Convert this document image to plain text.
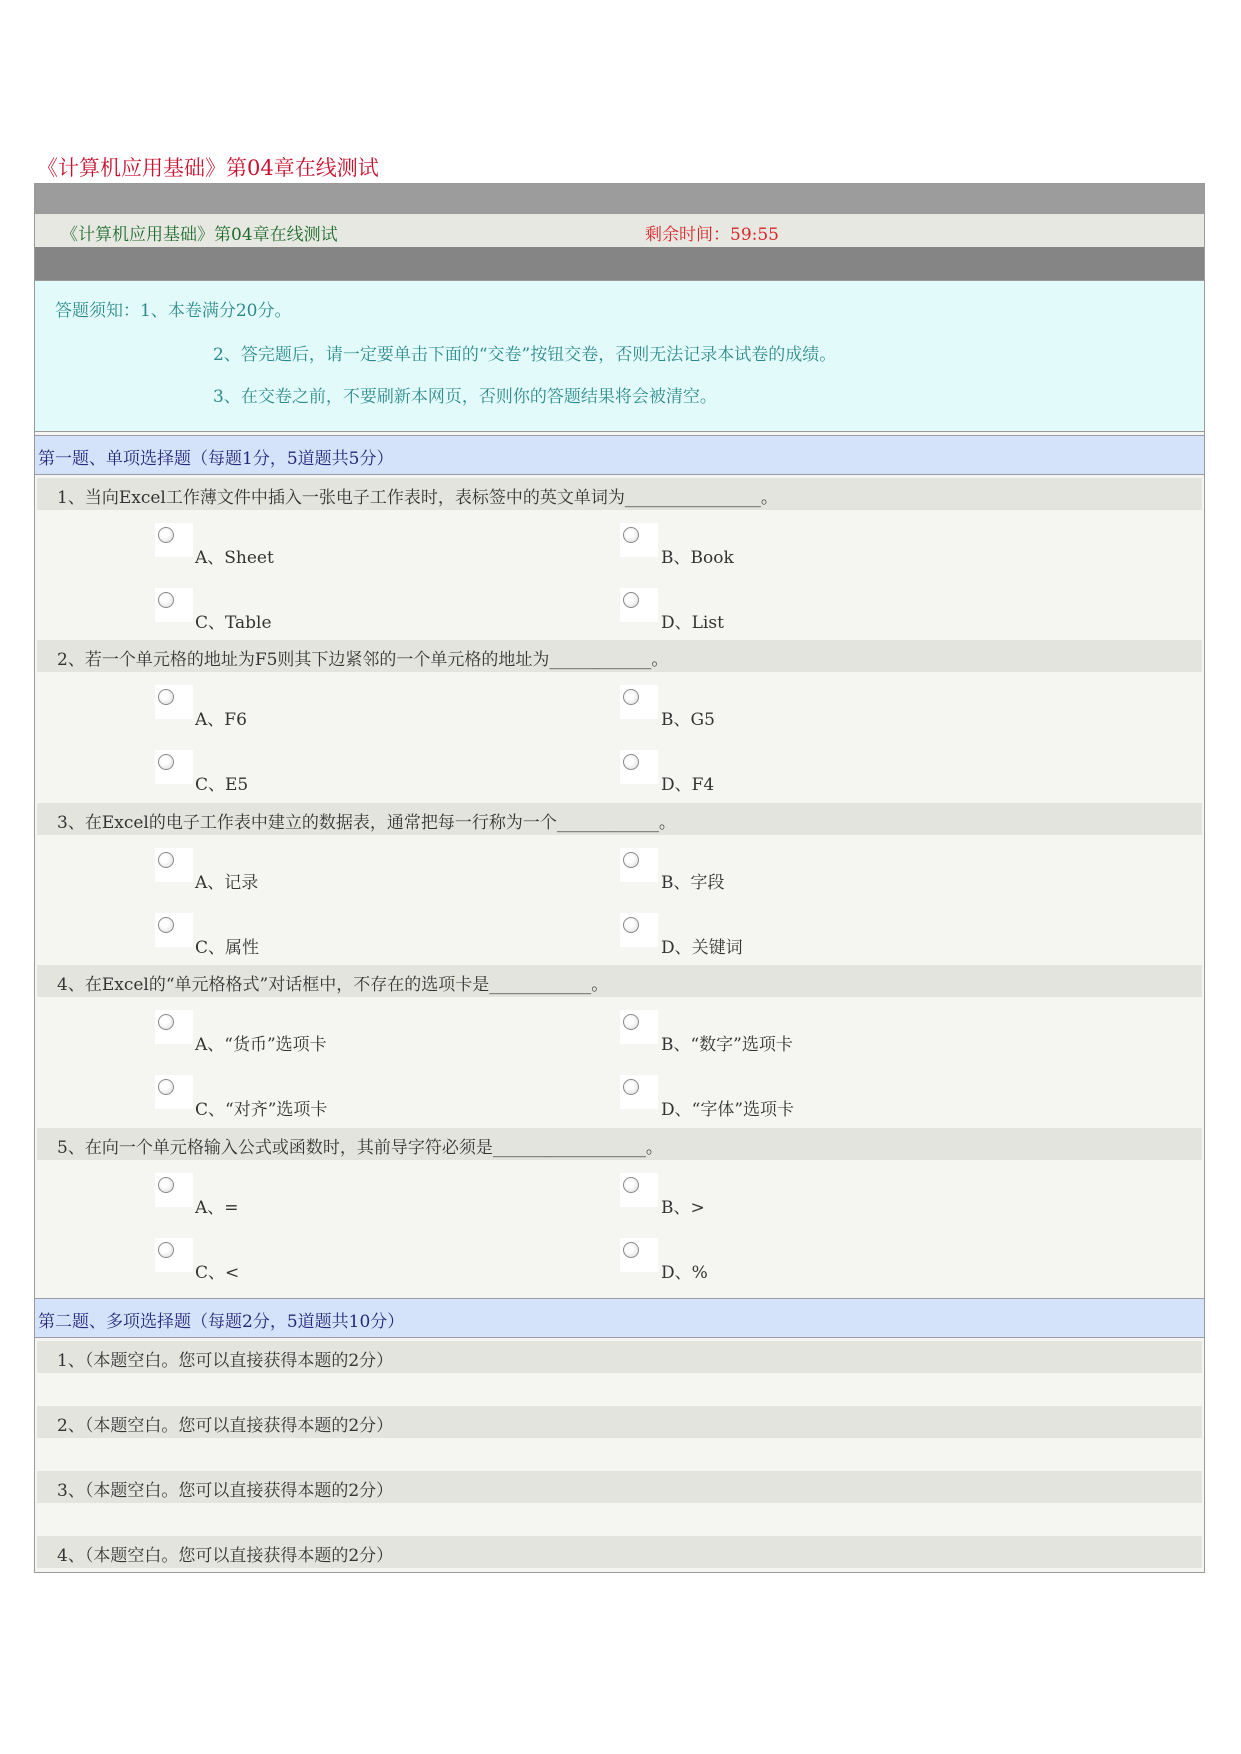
《计算机应用基础》第04章在线测试
《计算机应用基础》第04章在线测试	剩余时间：59:55
答题须知：1、本卷满分20分。
2、答完题后，请一定要单击下面的“交卷”按钮交卷，否则无法记录本试卷的成绩。
3、在交卷之前，不要刷新本网页，否则你的答题结果将会被清空。
第一题、单项选择题（每题1分，5道题共5分）
1、当向Excel工作薄文件中插入一张电子工作表时，表标签中的英文单词为________________。
A、Sheet	B、Book
C、Table	D、List
2、若一个单元格的地址为F5则其下边紧邻的一个单元格的地址为____________。
A、F6	B、G5
C、E5	D、F4
3、在Excel的电子工作表中建立的数据表，通常把每一行称为一个____________。
A、记录	B、字段
C、属性	D、关键词
4、在Excel的“单元格格式”对话框中，不存在的选项卡是____________。
A、“货币”选项卡	B、“数字”选项卡
C、“对齐”选项卡	D、“字体”选项卡
5、在向一个单元格输入公式或函数时，其前导字符必须是__________________。
A、=	B、>
C、<	D、%
第二题、多项选择题（每题2分，5道题共10分）
1、（本题空白。您可以直接获得本题的2分）
2、（本题空白。您可以直接获得本题的2分）
3、（本题空白。您可以直接获得本题的2分）
4、（本题空白。您可以直接获得本题的2分）
